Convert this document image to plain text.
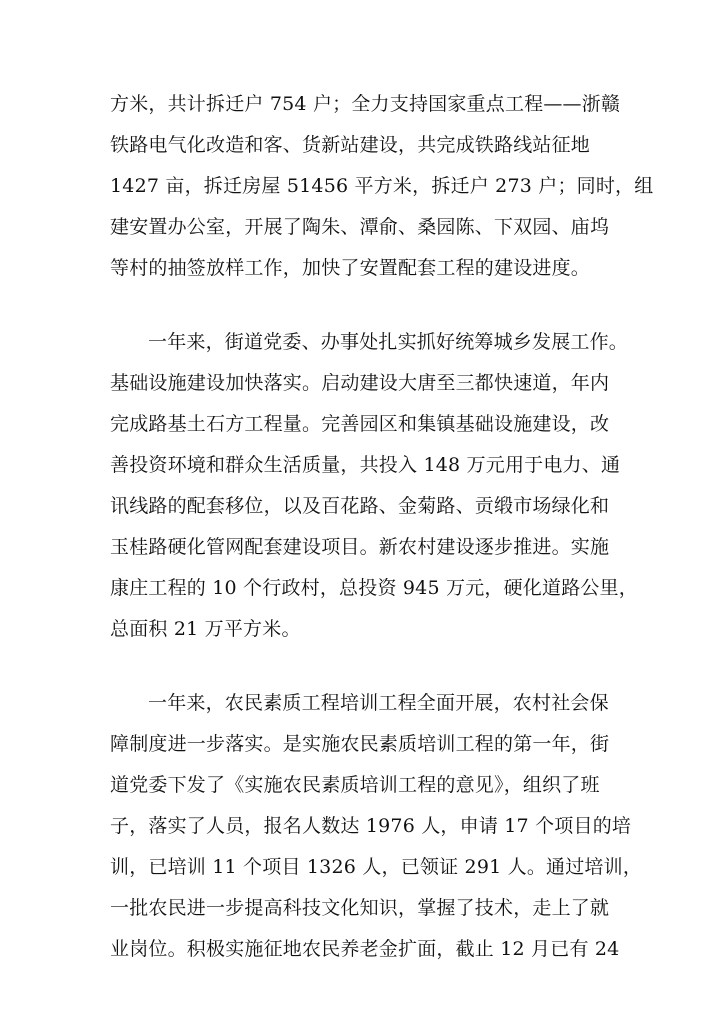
方米，共计拆迁户 754 户；全力支持国家重点工程——浙赣
铁路电气化改造和客、货新站建设，共完成铁路线站征地
1427 亩，拆迁房屋 51456 平方米，拆迁户 273 户；同时，组
建安置办公室，开展了陶朱、潭俞、桑园陈、下双园、庙坞
等村的抽签放样工作，加快了安置配套工程的建设进度。
一年来，街道党委、办事处扎实抓好统筹城乡发展工作。
基础设施建设加快落实。启动建设大唐至三都快速道，年内
完成路基土石方工程量。完善园区和集镇基础设施建设，改
善投资环境和群众生活质量，共投入 148 万元用于电力、通
讯线路的配套移位，以及百花路、金菊路、贡缎市场绿化和
玉桂路硬化管网配套建设项目。新农村建设逐步推进。实施
康庄工程的 10 个行政村，总投资 945 万元，硬化道路公里，
总面积 21 万平方米。
一年来，农民素质工程培训工程全面开展，农村社会保
障制度进一步落实。是实施农民素质培训工程的第一年，街
道党委下发了《实施农民素质培训工程的意见》，组织了班
子，落实了人员，报名人数达 1976 人，申请 17 个项目的培
训，已培训 11 个项目 1326 人，已领证 291 人。通过培训，
一批农民进一步提高科技文化知识，掌握了技术，走上了就
业岗位。积极实施征地农民养老金扩面，截止 12 月已有 24
